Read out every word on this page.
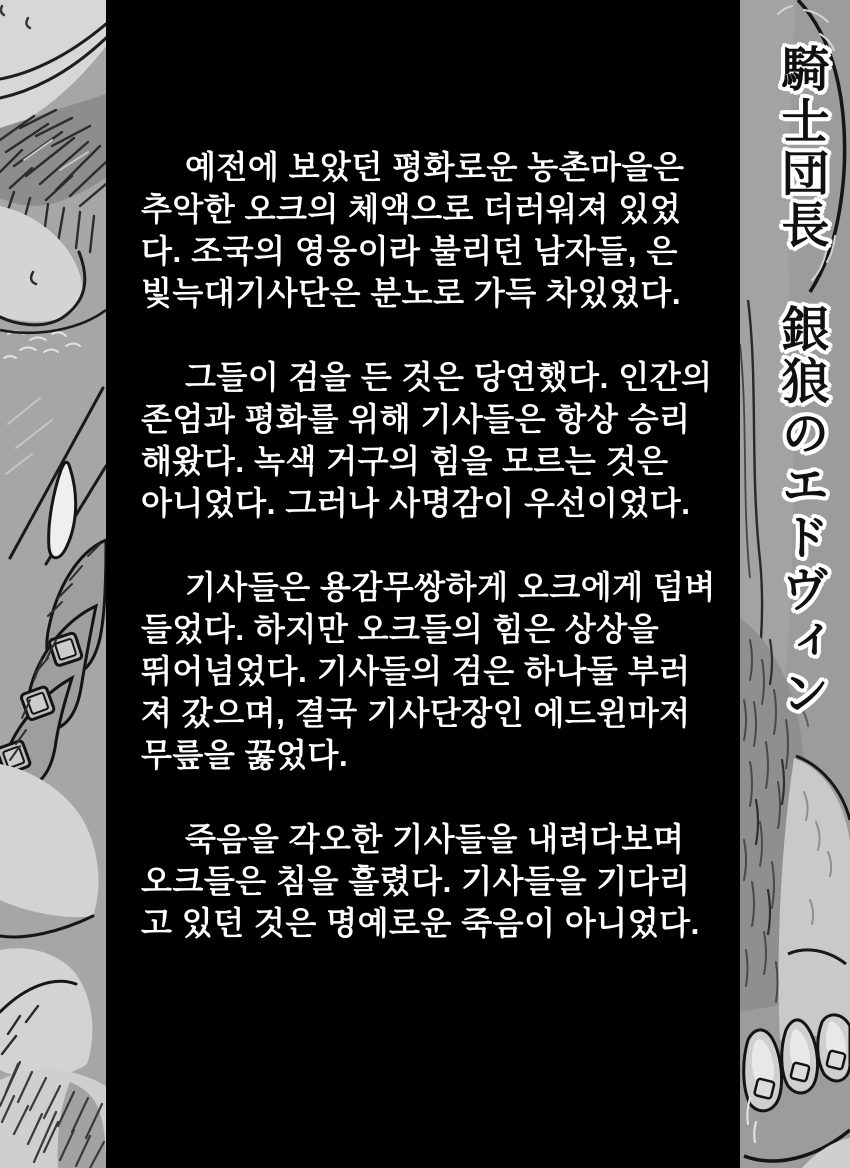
예전에 보았던 평화로운 농촌마을은
추악한 오크의 체액으로 더러워져 있었
다. 조국의 영웅이라 불리던 남자들, 은
빛늑대기사단은 분노로 가득 차있었다.
그들이 검을 든 것은 당연했다. 인간의
존엄과 평화를 위해 기사들은 항상 승리
해왔다. 녹색 거구의 힘을 모르는 것은
아니었다. 그러나 사명감이 우선이었다.
기사들은 용감무쌍하게 오크에게 덤벼
들었다. 하지만 오크들의 힘은 상상을
뛰어넘었다. 기사들의 검은 하나둘 부러
져 갔으며, 결국 기사단장인 에드윈마저
무릎을 꿇었다.
죽음을 각오한 기사들을 내려다보며
오크들은 침을 흘렸다. 기사들을 기다리
고 있던 것은 명예로운 죽음이 아니었다.
騎士団長　銀狼のエドヴィン
